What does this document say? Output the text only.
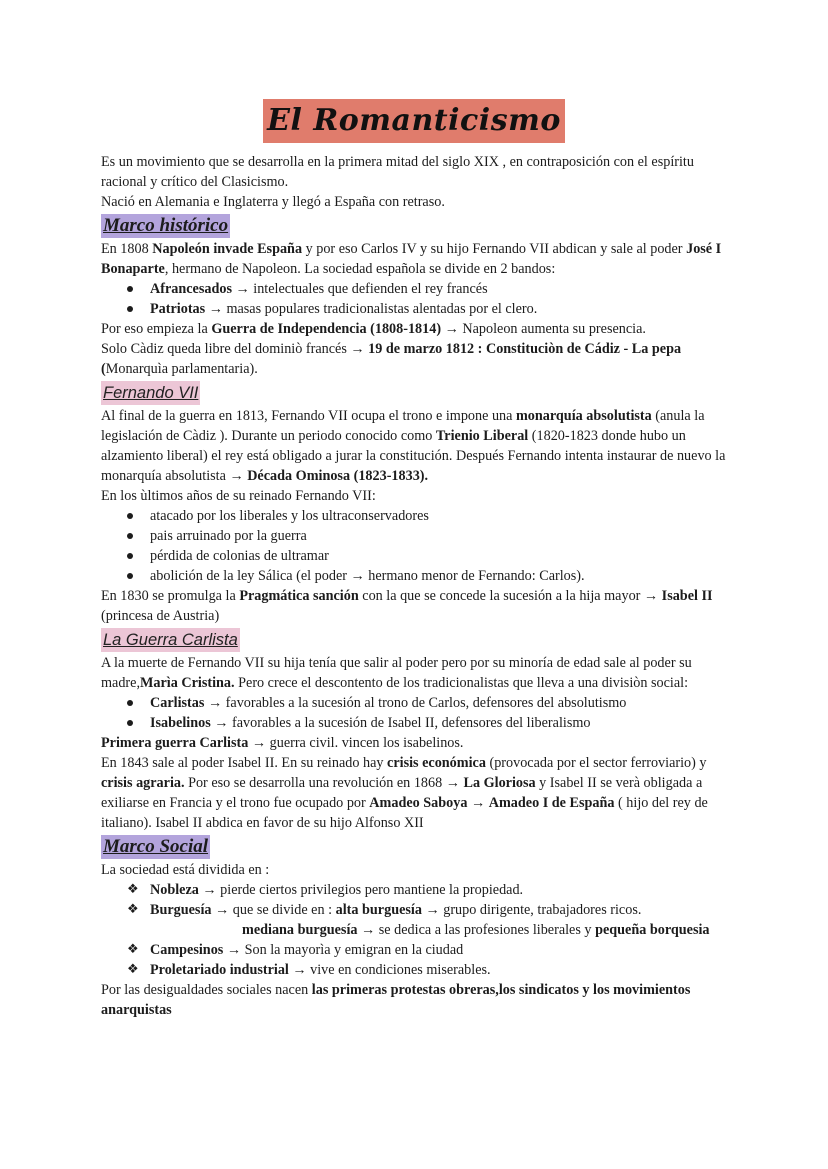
El Romanticismo

Es un movimiento que se desarrolla en la primera mitad del siglo XIX , en contraposición con el espíritu racional y crítico del Clasicismo.

Nació en Alemania e Inglaterra y llegó a España con retraso.

Marco histórico

En 1808 Napoleón invade España y por eso Carlos IV y su hijo Fernando VII abdican y sale al poder José I Bonaparte, hermano de Napoleon. La sociedad española se divide en 2 bandos:

Afrancesados → intelectuales que defienden el rey francés
Patriotas → masas populares tradicionalistas alentadas por el clero.

Por eso empieza la Guerra de Independencia (1808-1814) → Napoleon aumenta su presencia.

Solo Càdiz queda libre del dominiò francés → 19 de marzo 1812 : Constituciòn de Cádiz - La pepa
(Monarquìa parlamentaria).

Fernando VII

Al final de la guerra en 1813, Fernando VII ocupa el trono e impone una monarquía absolutista (anula la legislación de Càdiz ). Durante un periodo conocido como Trienio Liberal (1820-1823 donde hubo un alzamiento liberal) el rey está obligado a jurar la constitución. Después Fernando intenta instaurar de nuevo la monarquía absolutista → Década Ominosa (1823-1833).

En los ùltimos años de su reinado Fernando VII:

atacado por los liberales y los ultraconservadores
pais arruinado por la guerra
pérdida de colonias de ultramar
abolición de la ley Sálica (el poder → hermano menor de Fernando: Carlos).

En 1830 se promulga la Pragmática sanción con la que se concede la sucesión a la hija mayor → Isabel II (princesa de Austria)

La Guerra Carlista

A la muerte de Fernando VII su hija tenía que salir al poder pero por su minoría de edad sale al poder su madre,Marìa Cristina. Pero crece el descontento de los tradicionalistas que lleva a una divisiòn social:

Carlistas → favorables a la sucesión al trono de Carlos, defensores del absolutismo
Isabelinos → favorables a la sucesión de Isabel II, defensores del liberalismo

Primera guerra Carlista → guerra civil. vincen los isabelinos.

En 1843 sale al poder Isabel II. En su reinado hay crisis económica (provocada por el sector ferroviario) y crisis agraria. Por eso se desarrolla una revolución en 1868 → La Gloriosa y Isabel II se verà obligada a exiliarse en Francia y el trono fue ocupado por Amadeo Saboya → Amadeo I de España ( hijo del rey de italiano). Isabel II abdica en favor de su hijo Alfonso XII

Marco Social

La sociedad está dividida en :

❖ Nobleza → pierde ciertos privilegios pero mantiene la propiedad.
❖ Burguesía → que se divide en : alta burguesía → grupo dirigente, trabajadores ricos.

mediana burguesía → se dedica a las profesiones liberales y pequeña borquesia

❖ Campesinos → Son la mayorìa y emigran en la ciudad
❖ Proletariado industrial → vive en condiciones miserables.

Por las desigualdades sociales nacen las primeras protestas obreras,los sindicatos y los movimientos anarquistas
